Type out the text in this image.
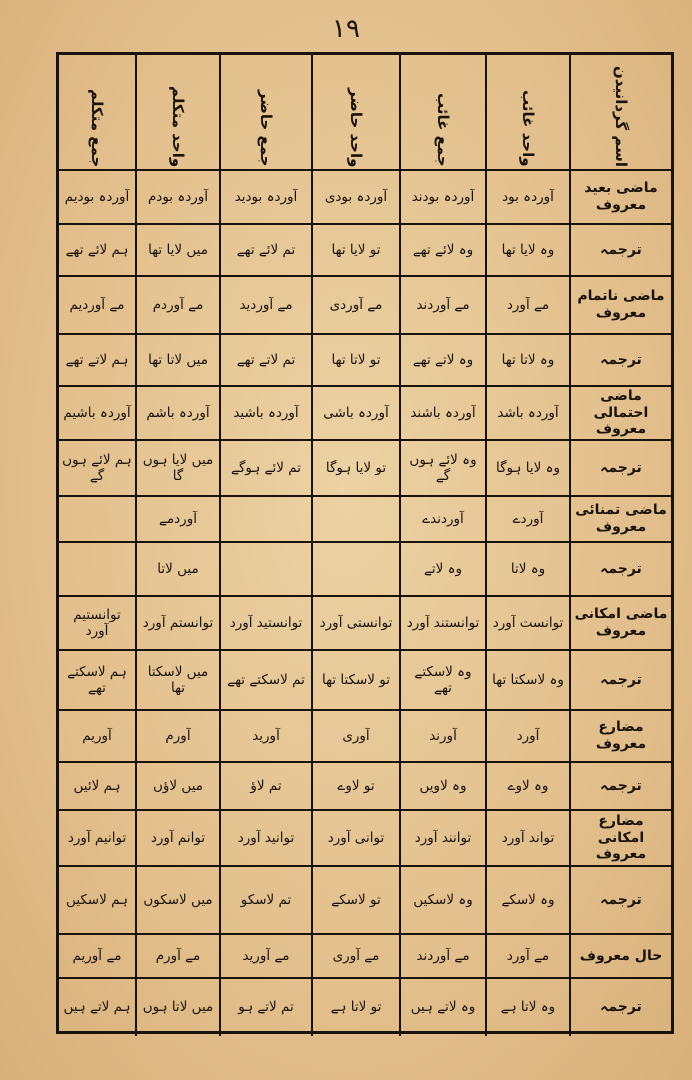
١٩
اسم گردانیدن
واحد غائب
جمع غائب
واحد حاضر
جمع حاضر
واحد متکلم
جمع متکلم
ماضی بعید معروف
آوردہ بود
آوردہ بودند
آوردہ بودی
آوردہ بودید
آوردہ بودم
آوردہ بودیم
ترجمہ
وہ لایا تھا
وہ لائے تھے
تو لایا تھا
تم لائے تھے
میں لایا تھا
ہم لائے تھے
ماضی ناتمام معروف
مے آورد
مے آوردند
مے آوردی
مے آوردید
مے آوردم
مے آوردیم
ترجمہ
وہ لاتا تھا
وہ لاتے تھے
تو لاتا تھا
تم لاتے تھے
میں لاتا تھا
ہم لاتے تھے
ماضی احتمالی معروف
آوردہ باشد
آوردہ باشند
آوردہ باشی
آوردہ باشید
آوردہ باشم
آوردہ باشیم
ترجمہ
وہ لایا ہوگا
وہ لائے ہوں گے
تو لایا ہوگا
تم لائے ہوگے
میں لایا ہوں گا
ہم لائے ہوں گے
ماضی تمنائی معروف
آوردے
آوردندے
آوردمے
ترجمہ
وہ لاتا
وہ لاتے
میں لاتا
ماضی امکانی معروف
توانست آورد
توانستند آورد
توانستی آورد
توانستید آورد
توانستم آورد
توانستیم آورد
ترجمہ
وہ لاسکتا تھا
وہ لاسکتے تھے
تو لاسکتا تھا
تم لاسکتے تھے
میں لاسکتا تھا
ہم لاسکتے تھے
مضارع معروف
آورد
آورند
آوری
آورید
آورم
آوریم
ترجمہ
وہ لاوے
وہ لاویں
تو لاوے
تم لاؤ
میں لاؤں
ہم لائیں
مضارع امکانی معروف
تواند آورد
توانند آورد
توانی آورد
توانید آورد
توانم آورد
توانیم آورد
ترجمہ
وہ لاسکے
وہ لاسکیں
تو لاسکے
تم لاسکو
میں لاسکوں
ہم لاسکیں
حال معروف
مے آورد
مے آوردند
مے آوری
مے آورید
مے آورم
مے آوریم
ترجمہ
وہ لاتا ہے
وہ لاتے ہیں
تو لاتا ہے
تم لاتے ہو
میں لاتا ہوں
ہم لاتے ہیں
